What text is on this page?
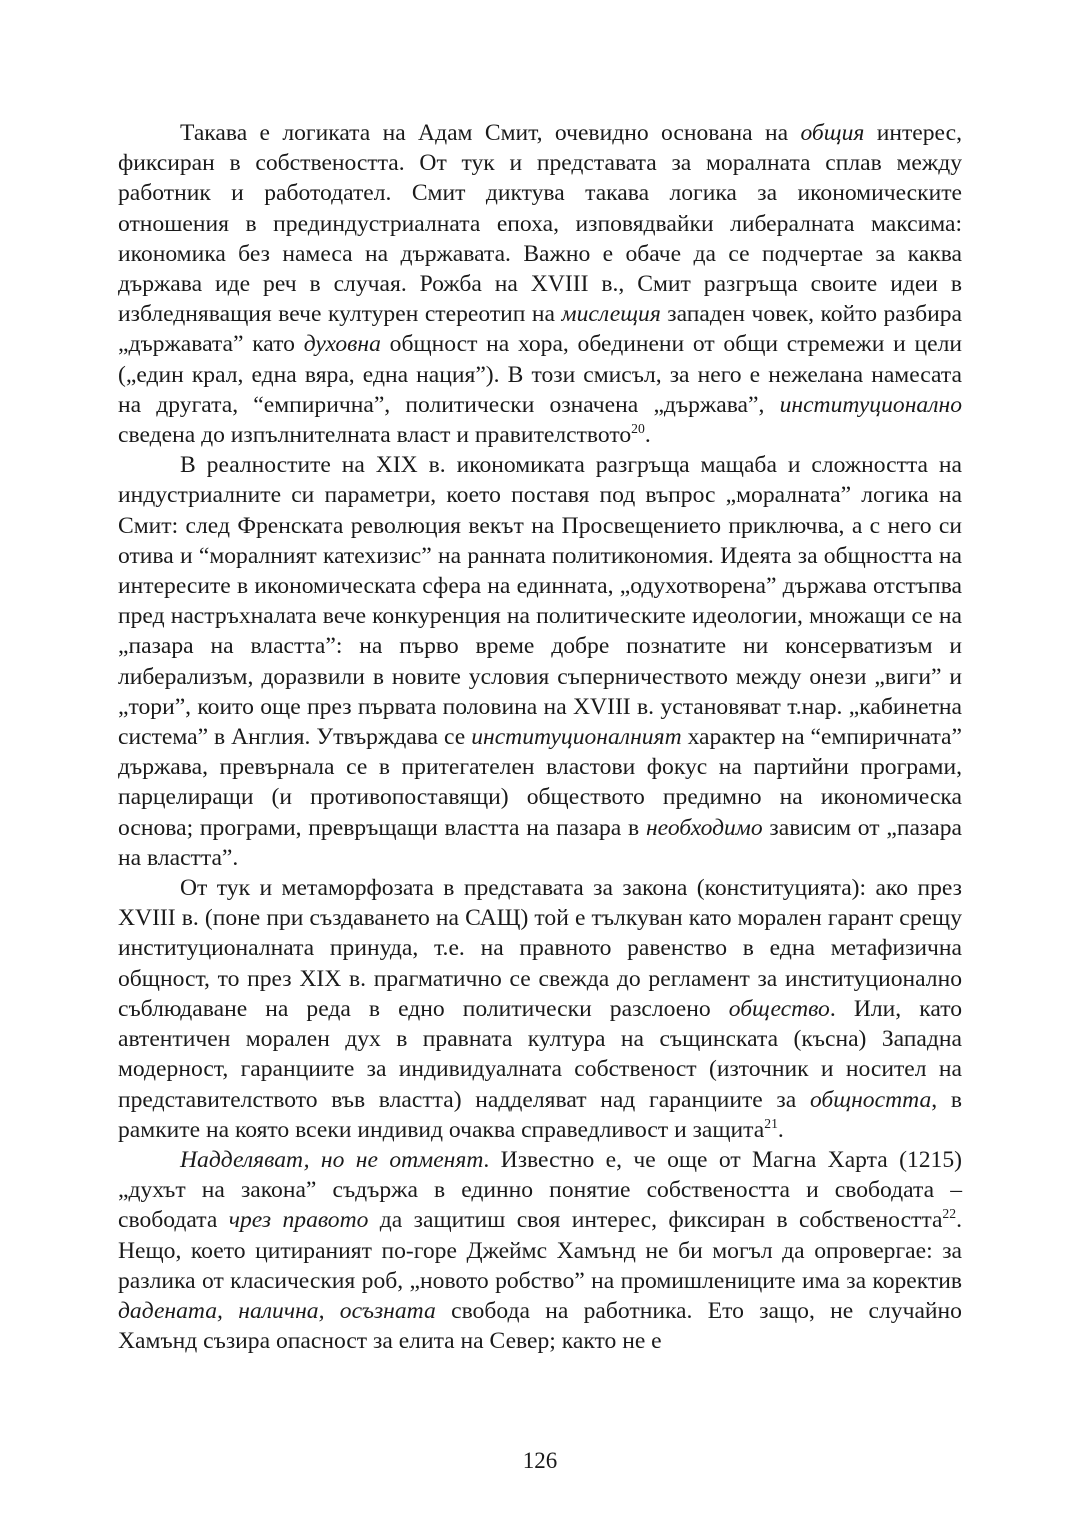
Такава е логиката на Адам Смит, очевидно основана на общия интерес, фиксиран в собствеността. От тук и представата за моралната сплав между работник и работодател. Смит диктува такава логика за икономическите отношения в прединдустриалната епоха, изповядвайки либералната максима: икономика без намеса на държавата. Важно е обаче да се подчертае за каква държава иде реч в случая. Рожба на XVIII в., Смит разгръща своите идеи в избледняващия вече културен стереотип на мислещия западен човек, който разбира „държавата” като духовна общност на хора, обединени от общи стремежи и цели („един крал, една вяра, една нация”). В този смисъл, за него е нежелана намесата на другата, “емпирична”, политически означена „държава”, институционално сведена до изпълнителната власт и правителството$^{20}$.

В реалностите на XIX в. икономиката разгръща мащаба и сложността на индустриалните си параметри, което поставя под въпрос „моралната” логика на Смит: след Френската революция векът на Просвещението приключва, а с него си отива и “моралният катехизис” на ранната политикономия. Идеята за общността на интересите в икономическата сфера на единната, „одухотворена” държава отстъпва пред настръхналата вече конкуренция на политическите идеологии, множащи се на „пазара на властта”: на първо време добре познатите ни консерватизъм и либерализъм, доразвили в новите условия съперничеството между онези „виги” и „тори”, които още през първата половина на XVIII в. установяват т.нар. „кабинетна система” в Англия. Утвърждава се институционалният характер на “емпиричната” държава, превърнала се в притегателен властови фокус на партийни програми, парцелиращи (и противопоставящи) обществото предимно на икономическа основа; програми, превръщащи властта на пазара в необходимо зависим от „пазара на властта”.

От тук и метаморфозата в представата за закона (конституцията): ако през XVIII в. (поне при създаването на САЩ) той е тълкуван като морален гарант срещу институционалната принуда, т.е. на правното равенство в една метафизична общност, то през XIX в. прагматично се свежда до регламент за институционално съблюдаване на реда в едно политически разслоено общество. Или, като автентичен морален дух в правната култура на същинската (късна) Западна модерност, гаранциите за индивидуалната собственост (източник и носител на представителството във властта) надделяват над гаранциите за общността, в рамките на която всеки индивид очаква справедливост и защита$^{21}$.

Надделяват, но не отменят. Известно е, че още от Магна Харта (1215) „духът на закона” съдържа в единно понятие собствеността и свободата – свободата чрез правото да защитиш своя интерес, фиксиран в собствеността$^{22}$. Нещо, което цитираният по-горе Джеймс Хамънд не би могъл да опровергае: за разлика от класическия роб, „новото робство” на промишлениците има за коректив дадената, налична, осъзната свобода на работника. Ето защо, не случайно Хамънд съзира опасност за елита на Север; както не е

126
